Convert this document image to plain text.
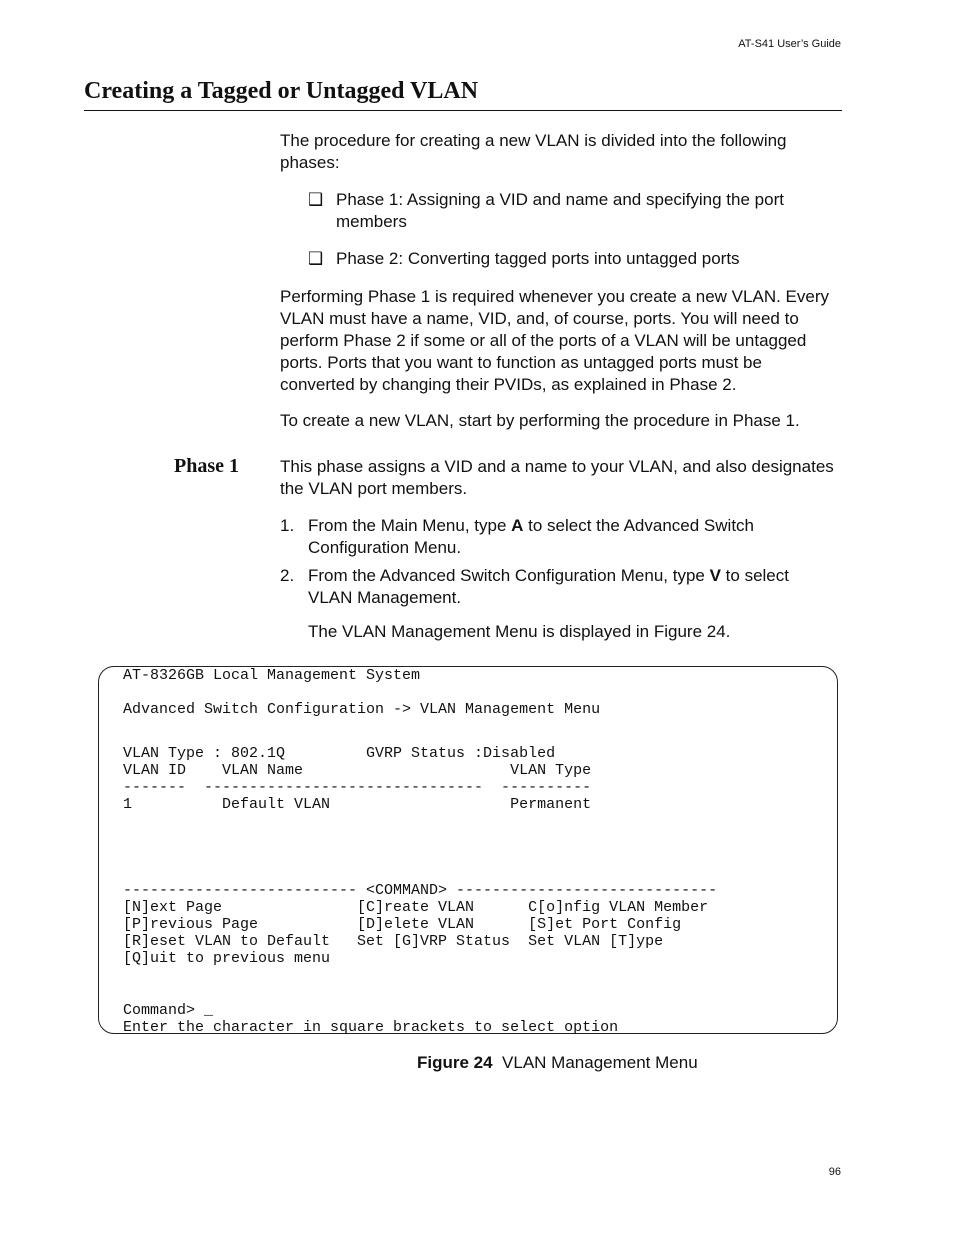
AT-S41 User’s Guide
Creating a Tagged or Untagged VLAN
The procedure for creating a new VLAN is divided into the following phases:
❑ Phase 1: Assigning a VID and name and specifying the port members
❑ Phase 2: Converting tagged ports into untagged ports
Performing Phase 1 is required whenever you create a new VLAN. Every VLAN must have a name, VID, and, of course, ports. You will need to perform Phase 2 if some or all of the ports of a VLAN will be untagged ports. Ports that you want to function as untagged ports must be converted by changing their PVIDs, as explained in Phase 2.
To create a new VLAN, start by performing the procedure in Phase 1.
Phase 1 This phase assigns a VID and a name to your VLAN, and also designates the VLAN port members.
1. From the Main Menu, type A to select the Advanced Switch Configuration Menu.
2. From the Advanced Switch Configuration Menu, type V to select VLAN Management.
The VLAN Management Menu is displayed in Figure 24.
AT-8326GB Local Management System
Advanced Switch Configuration -> VLAN Management Menu
VLAN Type : 802.1Q         GVRP Status :Disabled
VLAN ID    VLAN Name                       VLAN Type
-------  -------------------------------  ----------
1          Default VLAN                    Permanent
-------------------------- <COMMAND> -----------------------------
[N]ext Page               [C]reate VLAN      C[o]nfig VLAN Member
[P]revious Page           [D]elete VLAN      [S]et Port Config
[R]eset VLAN to Default   Set [G]VRP Status  Set VLAN [T]ype
[Q]uit to previous menu
Command> _
Enter the character in square brackets to select option
Figure 24 VLAN Management Menu
96
